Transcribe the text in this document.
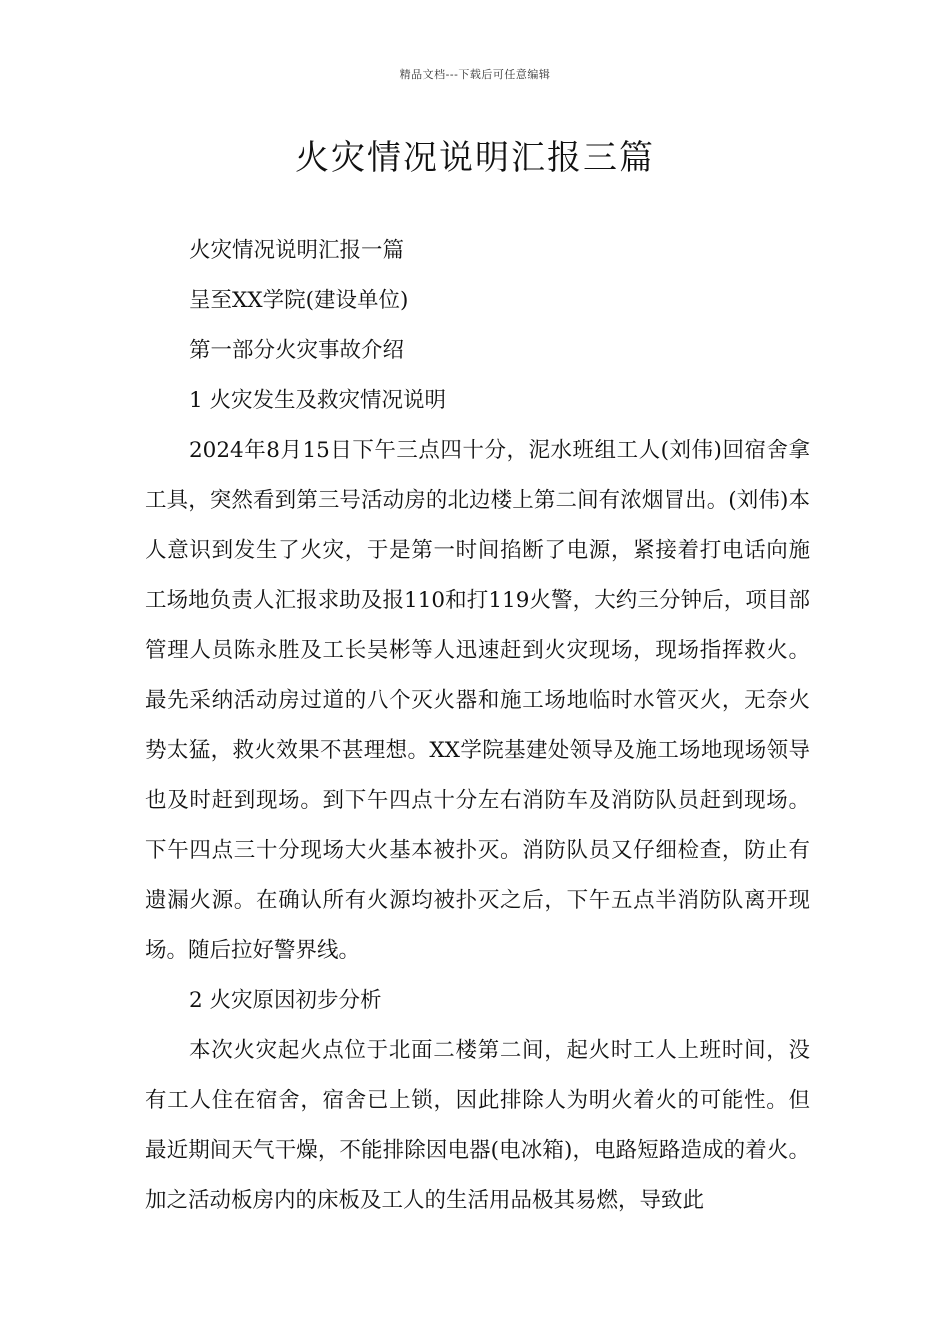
精品文档---下载后可任意编辑
火灾情况说明汇报三篇

火灾情况说明汇报一篇

呈至XX学院(建设单位)

第一部分火灾事故介绍

1 火灾发生及救灾情况说明

2024年8月15日下午三点四十分，泥水班组工人(刘伟)回宿舍拿工具，突然看到第三号活动房的北边楼上第二间有浓烟冒出。(刘伟)本人意识到发生了火灾，于是第一时间掐断了电源，紧接着打电话向施工场地负责人汇报求助及报110和打119火警，大约三分钟后，项目部管理人员陈永胜及工长吴彬等人迅速赶到火灾现场，现场指挥救火。最先采纳活动房过道的八个灭火器和施工场地临时水管灭火，无奈火势太猛，救火效果不甚理想。XX学院基建处领导及施工场地现场领导也及时赶到现场。到下午四点十分左右消防车及消防队员赶到现场。下午四点三十分现场大火基本被扑灭。消防队员又仔细检查，防止有遗漏火源。在确认所有火源均被扑灭之后，下午五点半消防队离开现场。随后拉好警界线。

2 火灾原因初步分析

本次火灾起火点位于北面二楼第二间，起火时工人上班时间，没有工人住在宿舍，宿舍已上锁，因此排除人为明火着火的可能性。但最近期间天气干燥，不能排除因电器(电冰箱)，电路短路造成的着火。加之活动板房内的床板及工人的生活用品极其易燃，导致此
